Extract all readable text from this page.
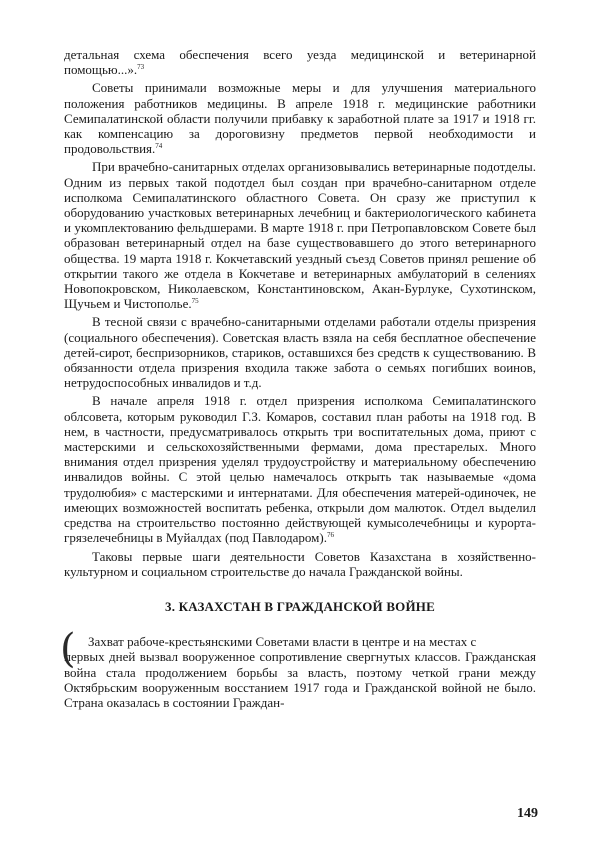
детальная схема обеспечения всего уезда медицинской и ветеринарной помощью...».$^{73}$

Советы принимали возможные меры и для улучшения материального положения работников медицины. В апреле 1918 г. медицинские работники Семипалатинской области получили прибавку к заработной плате за 1917 и 1918 гг. как компенсацию за дороговизну предметов первой необходимости и продовольствия.$^{74}$

При врачебно-санитарных отделах организовывались ветеринарные подотделы. Одним из первых такой подотдел был создан при врачебно-санитарном отделе исполкома Семипалатинского областного Совета. Он сразу же приступил к оборудованию участковых ветеринарных лечебниц и бактериологического кабинета и укомплектованию фельдшерами. В марте 1918 г. при Петропавловском Совете был образован ветеринарный отдел на базе существовавшего до этого ветеринарного общества. 19 марта 1918 г. Кокчетавский уездный съезд Советов принял решение об открытии такого же отдела в Кокчетаве и ветеринарных амбулаторий в селениях Новопокровском, Николаевском, Константиновском, Акан-Бурлуке, Сухотинском, Щучьем и Чистополье.$^{75}$

В тесной связи с врачебно-санитарными отделами работали отделы призрения (социального обеспечения). Советская власть взяла на себя бесплатное обеспечение детей-сирот, беспризорников, стариков, оставшихся без средств к существованию. В обязанности отдела призрения входила также забота о семьях погибших воинов, нетрудоспособных инвалидов и т.д.

В начале апреля 1918 г. отдел призрения исполкома Семипалатинского облсовета, которым руководил Г.З. Комаров, составил план работы на 1918 год. В нем, в частности, предусматривалось открыть три воспитательных дома, приют с мастерскими и сельскохозяйственными фермами, дома престарелых. Много внимания отдел призрения уделял трудоустройству и материальному обеспечению инвалидов войны. С этой целью намечалось открыть так называемые «дома трудолюбия» с мастерскими и интернатами. Для обеспечения матерей-одиночек, не имеющих возможностей воспитать ребенка, открыли дом малюток. Отдел выделил средства на строительство постоянно действующей кумысолечебницы и курорта-грязелечебницы в Муйалдах (под Павлодаром).$^{76}$

Таковы первые шаги деятельности Советов Казахстана в хозяйственно-культурном и социальном строительстве до начала Гражданской войны.

3. КАЗАХСТАН В ГРАЖДАНСКОЙ ВОЙНЕ

( Захват рабоче-крестьянскими Советами власти в центре и на местах с

первых дней вызвал вооруженное сопротивление свергнутых классов. Гражданская война стала продолжением борьбы за власть, поэтому четкой грани между Октябрьским вооруженным восстанием 1917 года и Гражданской войной не было. Страна оказалась в состоянии Граждан-

149
